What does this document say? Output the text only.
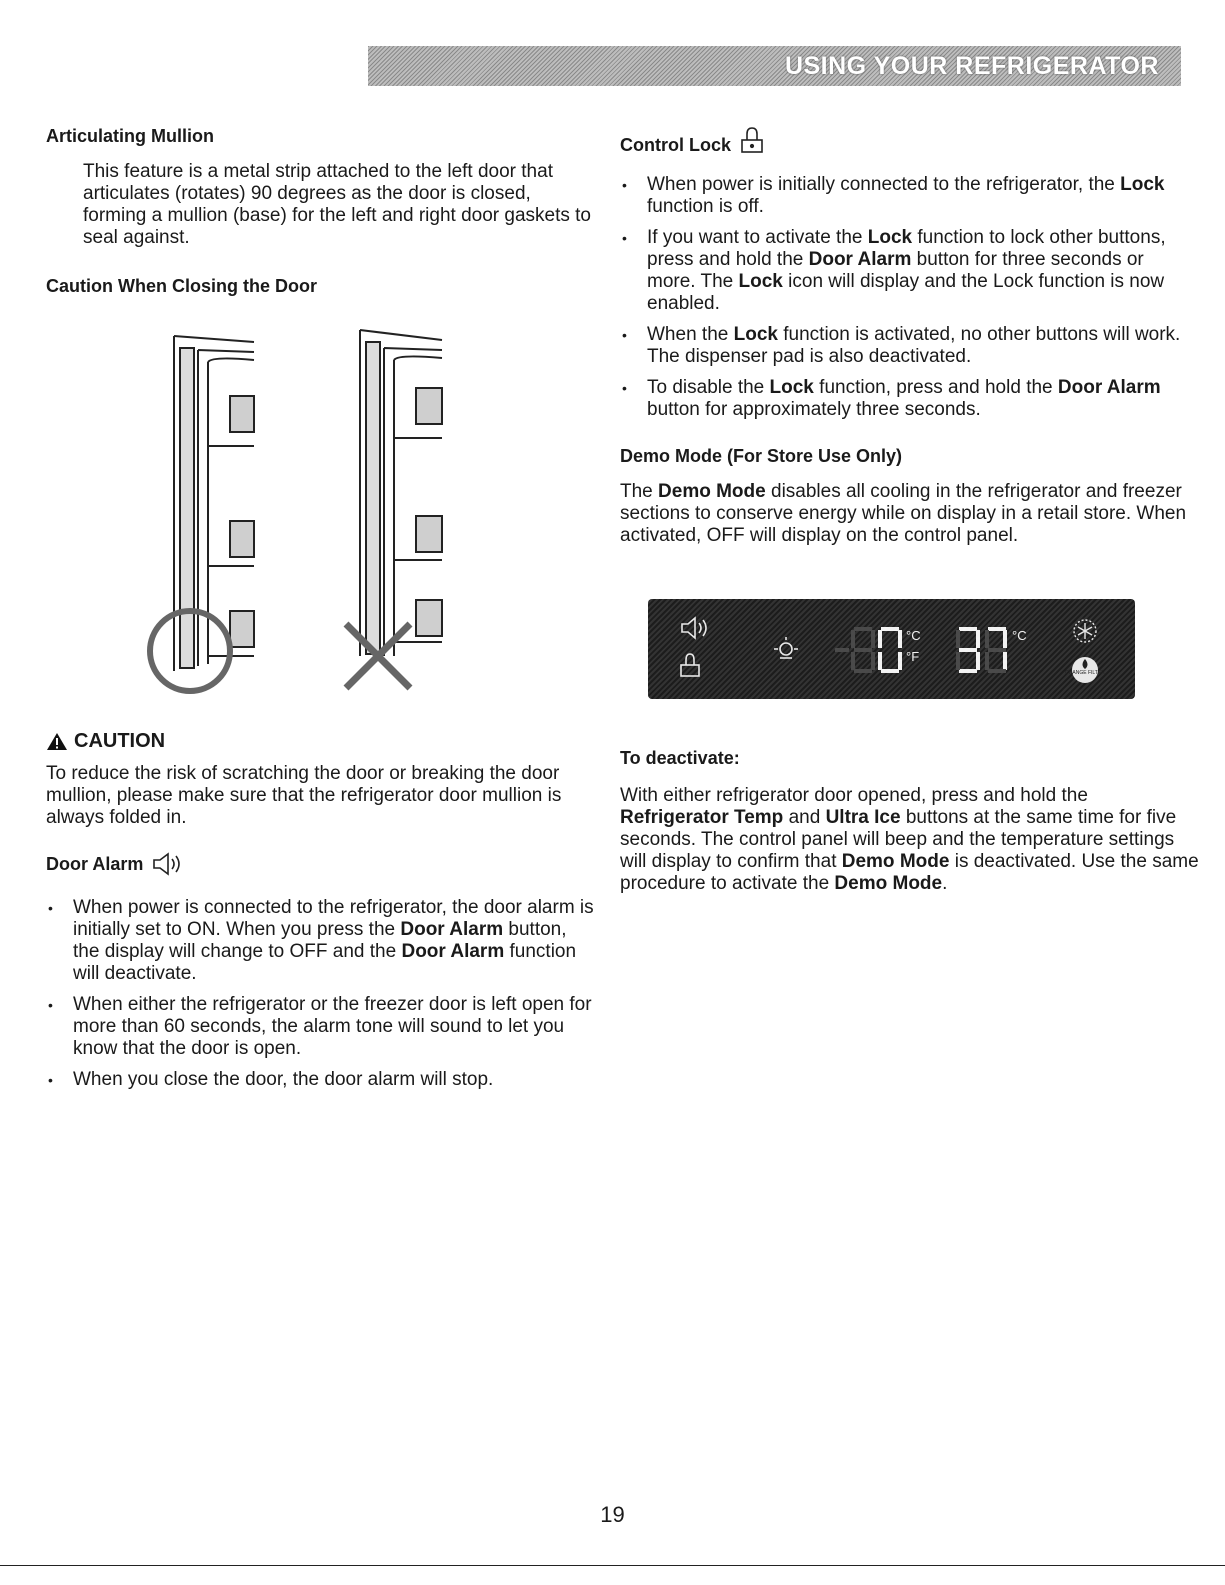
USING YOUR REFRIGERATOR
Articulating Mullion

This feature is a metal strip attached to the left door that articulates (rotates) 90 degrees as the door is closed, forming a mullion (base) for the left and right door gaskets to seal against.

Caution When Closing the Door
CAUTION

To reduce the risk of scratching the door or breaking the door mullion, please make sure that the refrigerator door mullion is always folded in.

Door Alarm
• When power is connected to the refrigerator, the door alarm is initially set to ON. When you press the Door Alarm button, the display will change to OFF and the Door Alarm function will deactivate.
• When either the refrigerator or the freezer door is left open for more than 60 seconds, the alarm tone will sound to let you know that the door is open.
• When you close the door, the door alarm will stop.
Control Lock
• When power is initially connected to the refrigerator, the Lock function is off.
• If you want to activate the Lock function to lock other buttons, press and hold the Door Alarm button for three seconds or more. The Lock icon will display and the Lock function is now enabled.
• When the Lock function is activated, no other buttons will work. The dispenser pad is also deactivated.
• To disable the Lock function, press and hold the Door Alarm button for approximately three seconds.
Demo Mode (For Store Use Only)

The Demo Mode disables all cooling in the refrigerator and freezer sections to conserve energy while on display in a retail store. When activated, OFF will display on the control panel.

°C
°F
°C
CHANGE FILTER
To deactivate:

With either refrigerator door opened, press and hold the Refrigerator Temp and Ultra Ice buttons at the same time for five seconds. The control panel will beep and the temperature settings will display to confirm that Demo Mode is deactivated. Use the same procedure to activate the Demo Mode.

19
